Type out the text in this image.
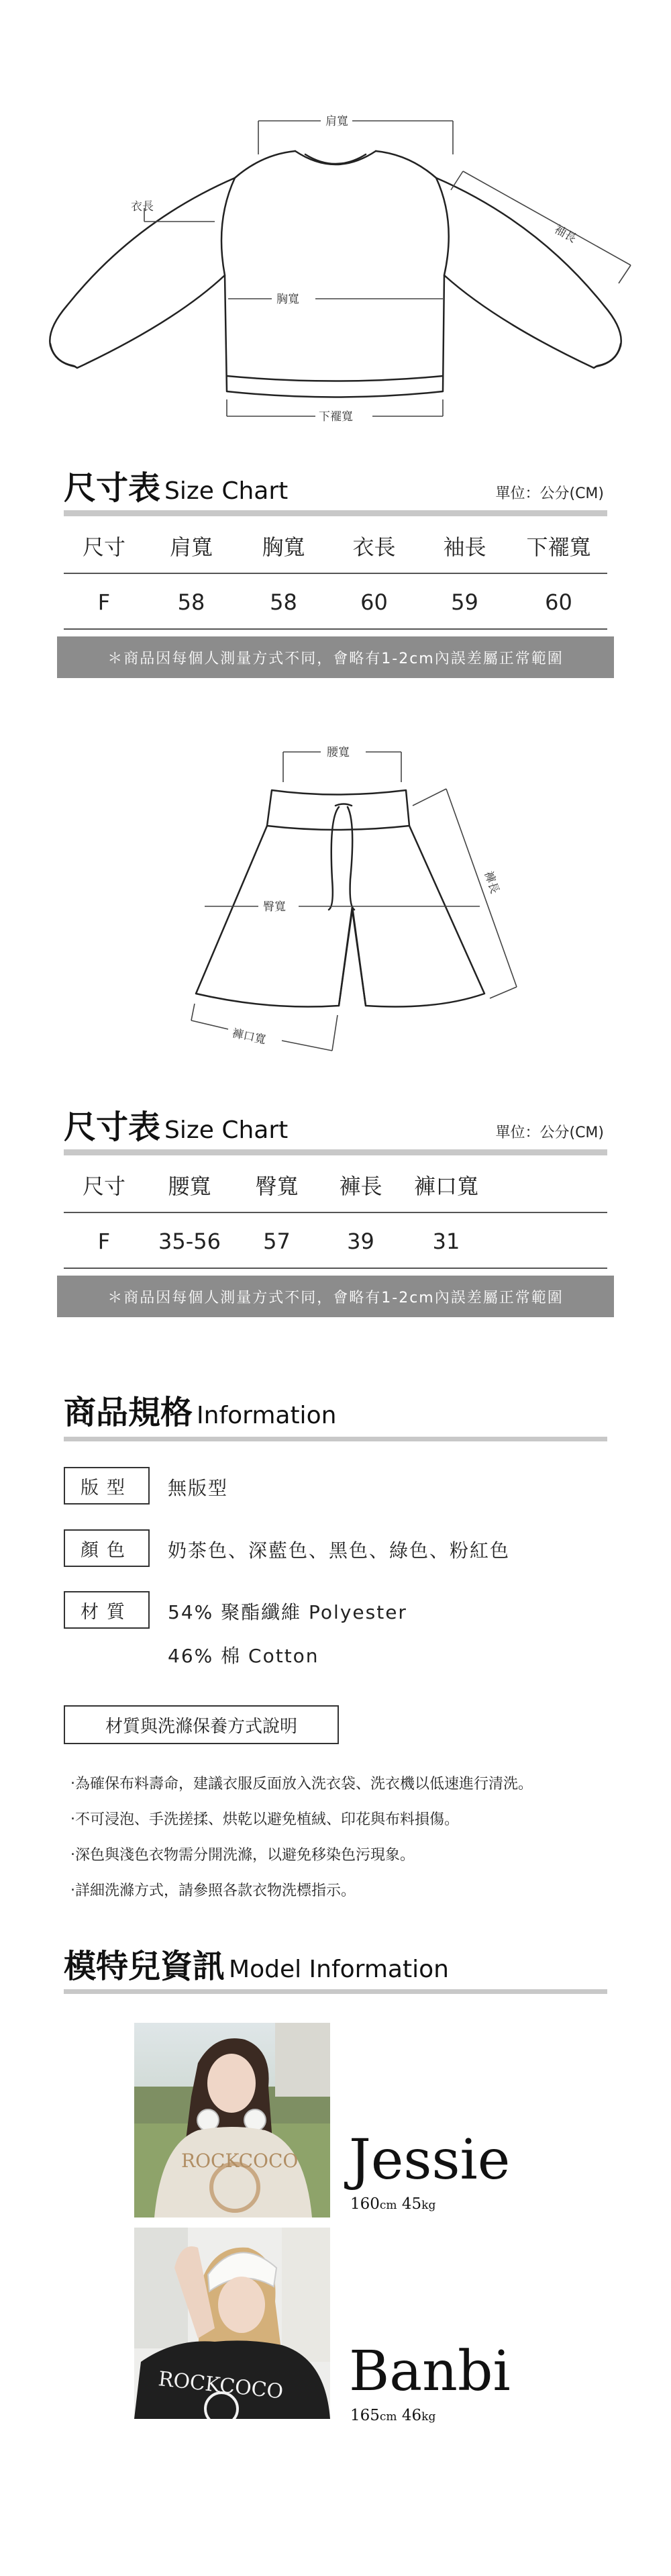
肩寬
衣長
胸寬
下襬寬
袖長
尺寸表 Size Chart	單位：公分(CM)
尺寸	肩寬	胸寬	衣長	袖長	下襬寬
F	58	58	60	59	60
＊商品因每個人測量方式不同，會略有1-2cm內誤差屬正常範圍
腰寬
臀寬
褲長
褲口寬
尺寸表 Size Chart	單位：公分(CM)
尺寸	腰寬	臀寬	褲長	褲口寬
F	35-56	57	39	31
＊商品因每個人測量方式不同，會略有1-2cm內誤差屬正常範圍
商品規格 Information
版型	無版型
顏色	奶茶色、深藍色、黑色、綠色、粉紅色
材質	54% 聚酯纖維 Polyester
46% 棉 Cotton
材質與洗滌保養方式說明
‧為確保布料壽命，建議衣服反面放入洗衣袋、洗衣機以低速進行清洗。
‧不可浸泡、手洗搓揉、烘乾以避免植絨、印花與布料損傷。
‧深色與淺色衣物需分開洗滌，以避免移染色污現象。
‧詳細洗滌方式，請參照各款衣物洗標指示。
模特兒資訊 Model Information
ROCKCOCO Jessie
160cm 45kg
ROCKCOCO Banbi
165cm 46kg
